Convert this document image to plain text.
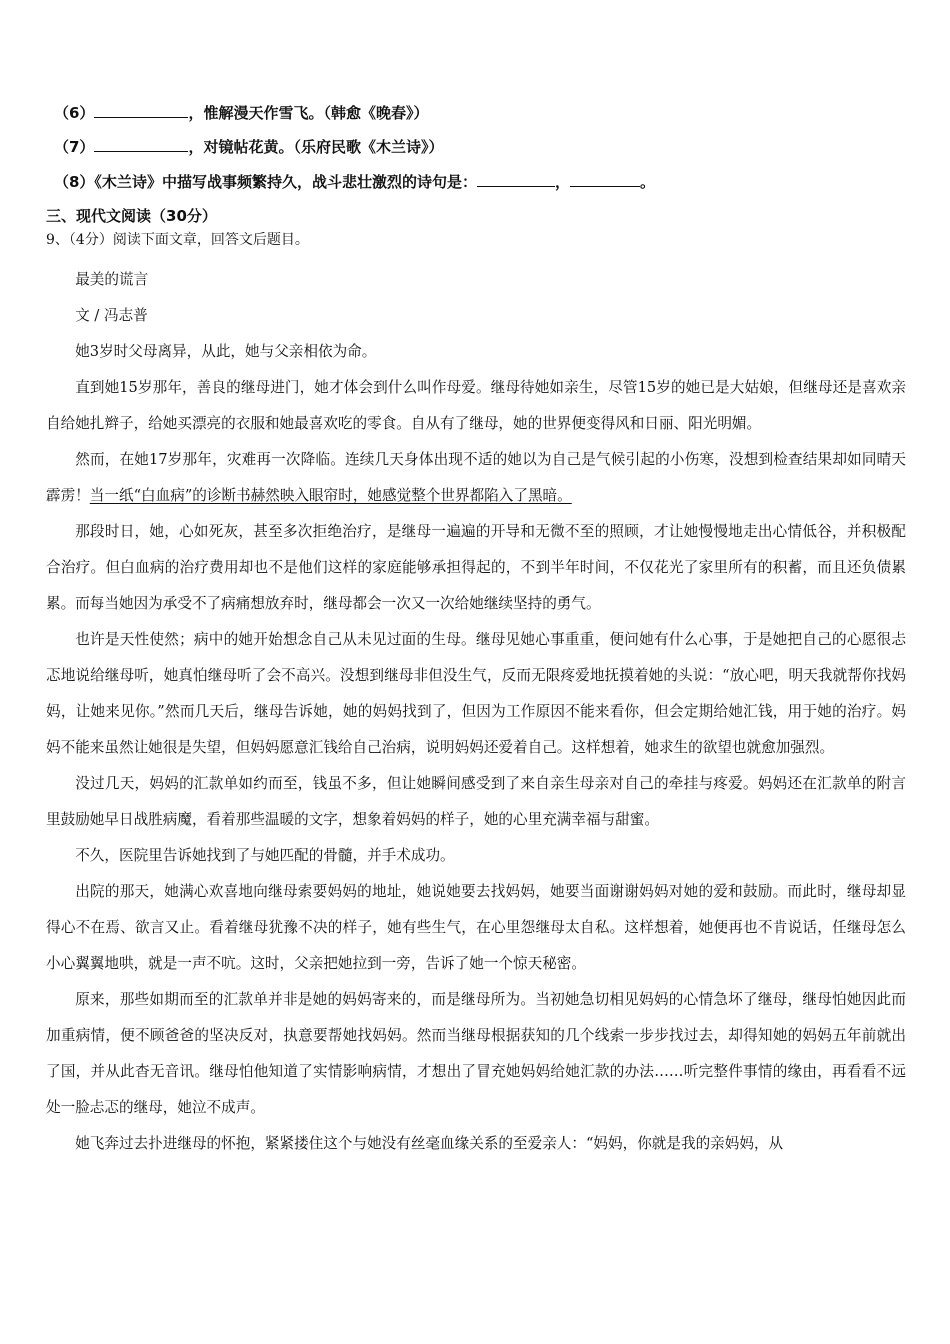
（6）	，惟解漫天作雪飞。（韩愈《晚春》）
（7）	，对镜帖花黄。（乐府民歌《木兰诗》）
（8）《木兰诗》中描写战事频繁持久，战斗悲壮激烈的诗句是：	，	。
三、现代文阅读（30分）
9、（4分）阅读下面文章，回答文后题目。

最美的谎言

文 / 冯志普

她3岁时父母离异，从此，她与父亲相依为命。

直到她15岁那年，善良的继母进门，她才体会到什么叫作母爱。继母待她如亲生，尽管15岁的她已是大姑娘，但继母还是喜欢亲自给她扎辫子，给她买漂亮的衣服和她最喜欢吃的零食。自从有了继母，她的世界便变得风和日丽、阳光明媚。

然而，在她17岁那年，灾难再一次降临。连续几天身体出现不适的她以为自己是气候引起的小伤寒，没想到检查结果却如同晴天霹雳！当一纸“白血病”的诊断书赫然映入眼帘时，她感觉整个世界都陷入了黑暗。

那段时日，她，心如死灰，甚至多次拒绝治疗，是继母一遍遍的开导和无微不至的照顾，才让她慢慢地走出心情低谷，并积极配合治疗。但白血病的治疗费用却也不是他们这样的家庭能够承担得起的，不到半年时间，不仅花光了家里所有的积蓄，而且还负债累累。而每当她因为承受不了病痛想放弃时，继母都会一次又一次给她继续坚持的勇气。

也许是天性使然；病中的她开始想念自己从未见过面的生母。继母见她心事重重，便问她有什么心事，于是她把自己的心愿很忐忑地说给继母听，她真怕继母听了会不高兴。没想到继母非但没生气，反而无限疼爱地抚摸着她的头说：“放心吧，明天我就帮你找妈妈，让她来见你。”然而几天后，继母告诉她，她的妈妈找到了，但因为工作原因不能来看你，但会定期给她汇钱，用于她的治疗。妈妈不能来虽然让她很是失望，但妈妈愿意汇钱给自己治病，说明妈妈还爱着自己。这样想着，她求生的欲望也就愈加强烈。

没过几天，妈妈的汇款单如约而至，钱虽不多，但让她瞬间感受到了来自亲生母亲对自己的牵挂与疼爱。妈妈还在汇款单的附言里鼓励她早日战胜病魔，看着那些温暖的文字，想象着妈妈的样子，她的心里充满幸福与甜蜜。

不久，医院里告诉她找到了与她匹配的骨髓，并手术成功。

出院的那天，她满心欢喜地向继母索要妈妈的地址，她说她要去找妈妈，她要当面谢谢妈妈对她的爱和鼓励。而此时，继母却显得心不在焉、欲言又止。看着继母犹豫不决的样子，她有些生气，在心里怨继母太自私。这样想着，她便再也不肯说话，任继母怎么小心翼翼地哄，就是一声不吭。这时，父亲把她拉到一旁，告诉了她一个惊天秘密。

原来，那些如期而至的汇款单并非是她的妈妈寄来的，而是继母所为。当初她急切相见妈妈的心情急坏了继母，继母怕她因此而加重病情，便不顾爸爸的坚决反对，执意要帮她找妈妈。然而当继母根据获知的几个线索一步步找过去，却得知她的妈妈五年前就出了国，并从此杳无音讯。继母怕他知道了实情影响病情，才想出了冒充她妈妈给她汇款的办法……听完整件事情的缘由，再看看不远处一脸忐忑的继母，她泣不成声。

她飞奔过去扑进继母的怀抱，紧紧搂住这个与她没有丝毫血缘关系的至爱亲人：“妈妈，你就是我的亲妈妈，从
